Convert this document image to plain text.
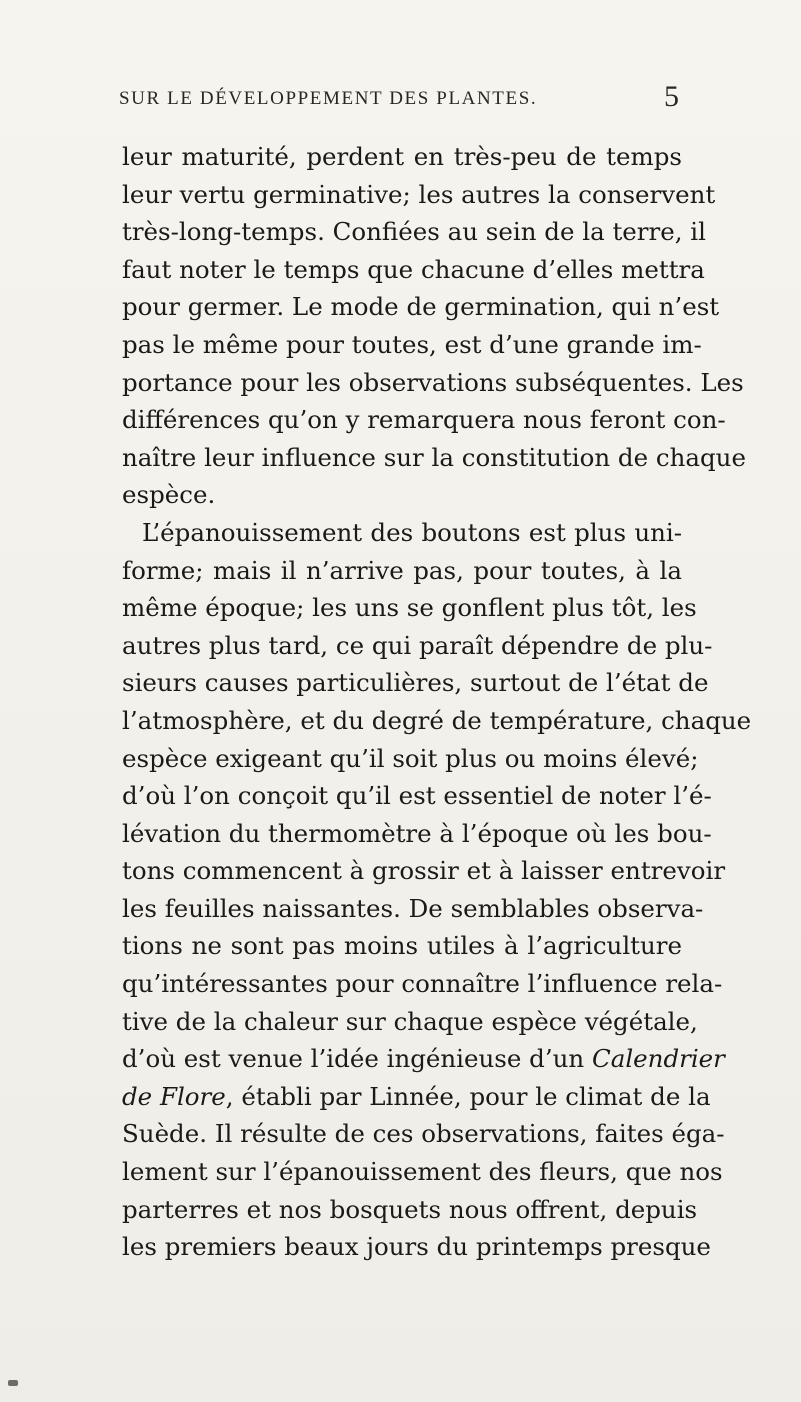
SUR LE DÉVELOPPEMENT DES PLANTES.	5
leur maturité, perdent en très-peu de temps
leur vertu germinative; les autres la conservent
très-long-temps. Confiées au sein de la terre, il
faut noter le temps que chacune d’elles mettra
pour germer. Le mode de germination, qui n’est
pas le même pour toutes, est d’une grande im-
portance pour les observations subséquentes. Les
différences qu’on y remarquera nous feront con-
naître leur influence sur la constitution de chaque
espèce.
L’épanouissement des boutons est plus uni-
forme; mais il n’arrive pas, pour toutes, à la
même époque; les uns se gonflent plus tôt, les
autres plus tard, ce qui paraît dépendre de plu-
sieurs causes particulières, surtout de l’état de
l’atmosphère, et du degré de température, chaque
espèce exigeant qu’il soit plus ou moins élevé;
d’où l’on conçoit qu’il est essentiel de noter l’é-
lévation du thermomètre à l’époque où les bou-
tons commencent à grossir et à laisser entrevoir
les feuilles naissantes. De semblables observa-
tions ne sont pas moins utiles à l’agriculture
qu’intéressantes pour connaître l’influence rela-
tive de la chaleur sur chaque espèce végétale,
d’où est venue l’idée ingénieuse d’un Calendrier
de Flore, établi par Linnée, pour le climat de la
Suède. Il résulte de ces observations, faites éga-
lement sur l’épanouissement des fleurs, que nos
parterres et nos bosquets nous offrent, depuis
les premiers beaux jours du printemps presque
